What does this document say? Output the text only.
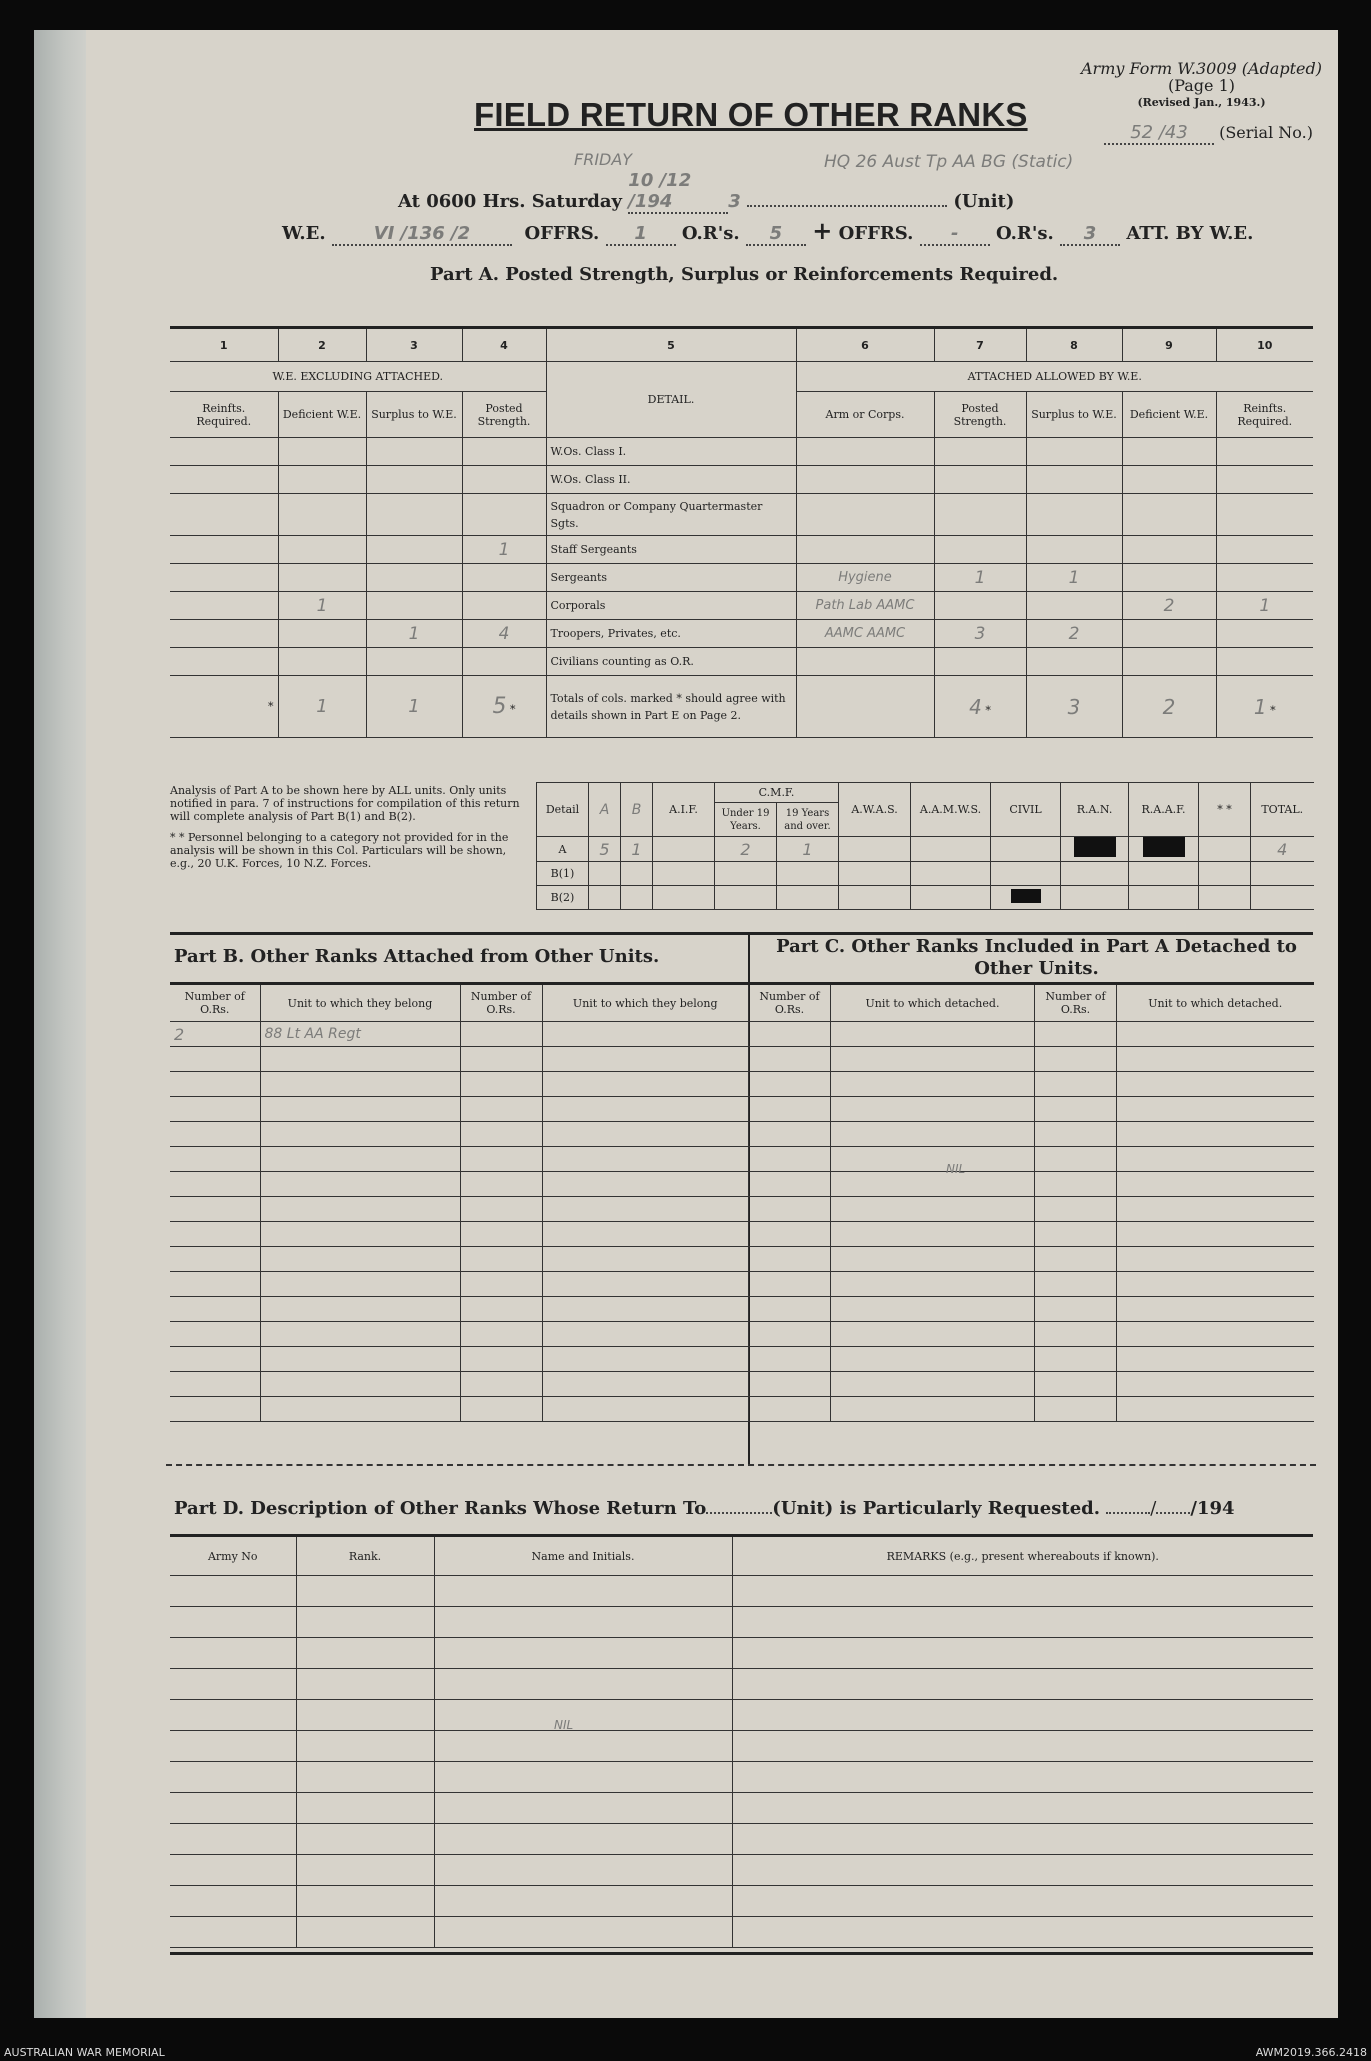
Army Form W.3009 (Adapted)
(Page 1)
(Revised Jan., 1943.)
52 /43 (Serial No.)
FIELD RETURN OF OTHER RANKS
FRIDAY	HQ 26 Aust Tp AA BG (Static)
At 0600 Hrs. Saturday 10 /12 /194	3	(Unit)
W.E.	VI /136 /2	OFFRS. 1 O.R's. 5 + OFFRS. - O.R's. 3 ATT. BY W.E.
Part A. Posted Strength, Surplus or Reinforcements Required.
1	2	3	4	5	6	7	8	9	10
W.E. EXCLUDING ATTACHED.				DETAIL.	ATTACHED ALLOWED BY W.E.				
Reinfts. Required.	Deficient W.E.	Surplus to W.E.	Posted Strength.		Arm or Corps.	Posted Strength.	Surplus to W.E.	Deficient W.E.	Reinfts. Required.
				W.Os. Class I.					
				W.Os. Class II.					
				Squadron or Company Quartermaster Sgts.					
			1	Staff Sergeants					
				Sergeants	Hygiene	1	1		
	1			Corporals	Path Lab AAMC			2	1
		1	4	Troopers, Privates, etc.	AAMC AAMC	3	2		
				Civilians counting as O.R.					
*	1	1	5 *	Totals of cols. marked * should agree with details shown in Part E on Page 2.		4 *	3	2	1 *
Analysis of Part A to be shown here by ALL units. Only units notified in para. 7 of instructions for compilation of this return will complete analysis of Part B(1) and B(2).
* * Personnel belonging to a category not provided for in the analysis will be shown in this Col. Particulars will be shown, e.g., 20 U.K. Forces, 10 N.Z. Forces.
Detail	A	B	A.I.F.	C.M.F.		A.W.A.S.	A.A.M.W.S.	CIVIL	R.A.N.	R.A.A.F.	* *	TOTAL.
				Under 19 Years.	19 Years and over.							
A	5	1		2	1							4
B(1)												
B(2)												
Part B. Other Ranks Attached from Other Units.	Part C. Other Ranks Included in Part A Detached to Other Units.
Number of O.Rs.	Unit to which they belong	Number of O.Rs.	Unit to which they belong
2	88 Lt AA Regt		

Number of O.Rs.	Unit to which detached.	Number of O.Rs.	Unit to which detached.

NIL
Part D. Description of Other Ranks Whose Return To	(Unit) is Particularly Requested.	/ /194
Army No	Rank.	Name and Initials.	REMARKS (e.g., present whereabouts if known).

NIL
AUSTRALIAN WAR MEMORIAL	AWM2019.366.2418
